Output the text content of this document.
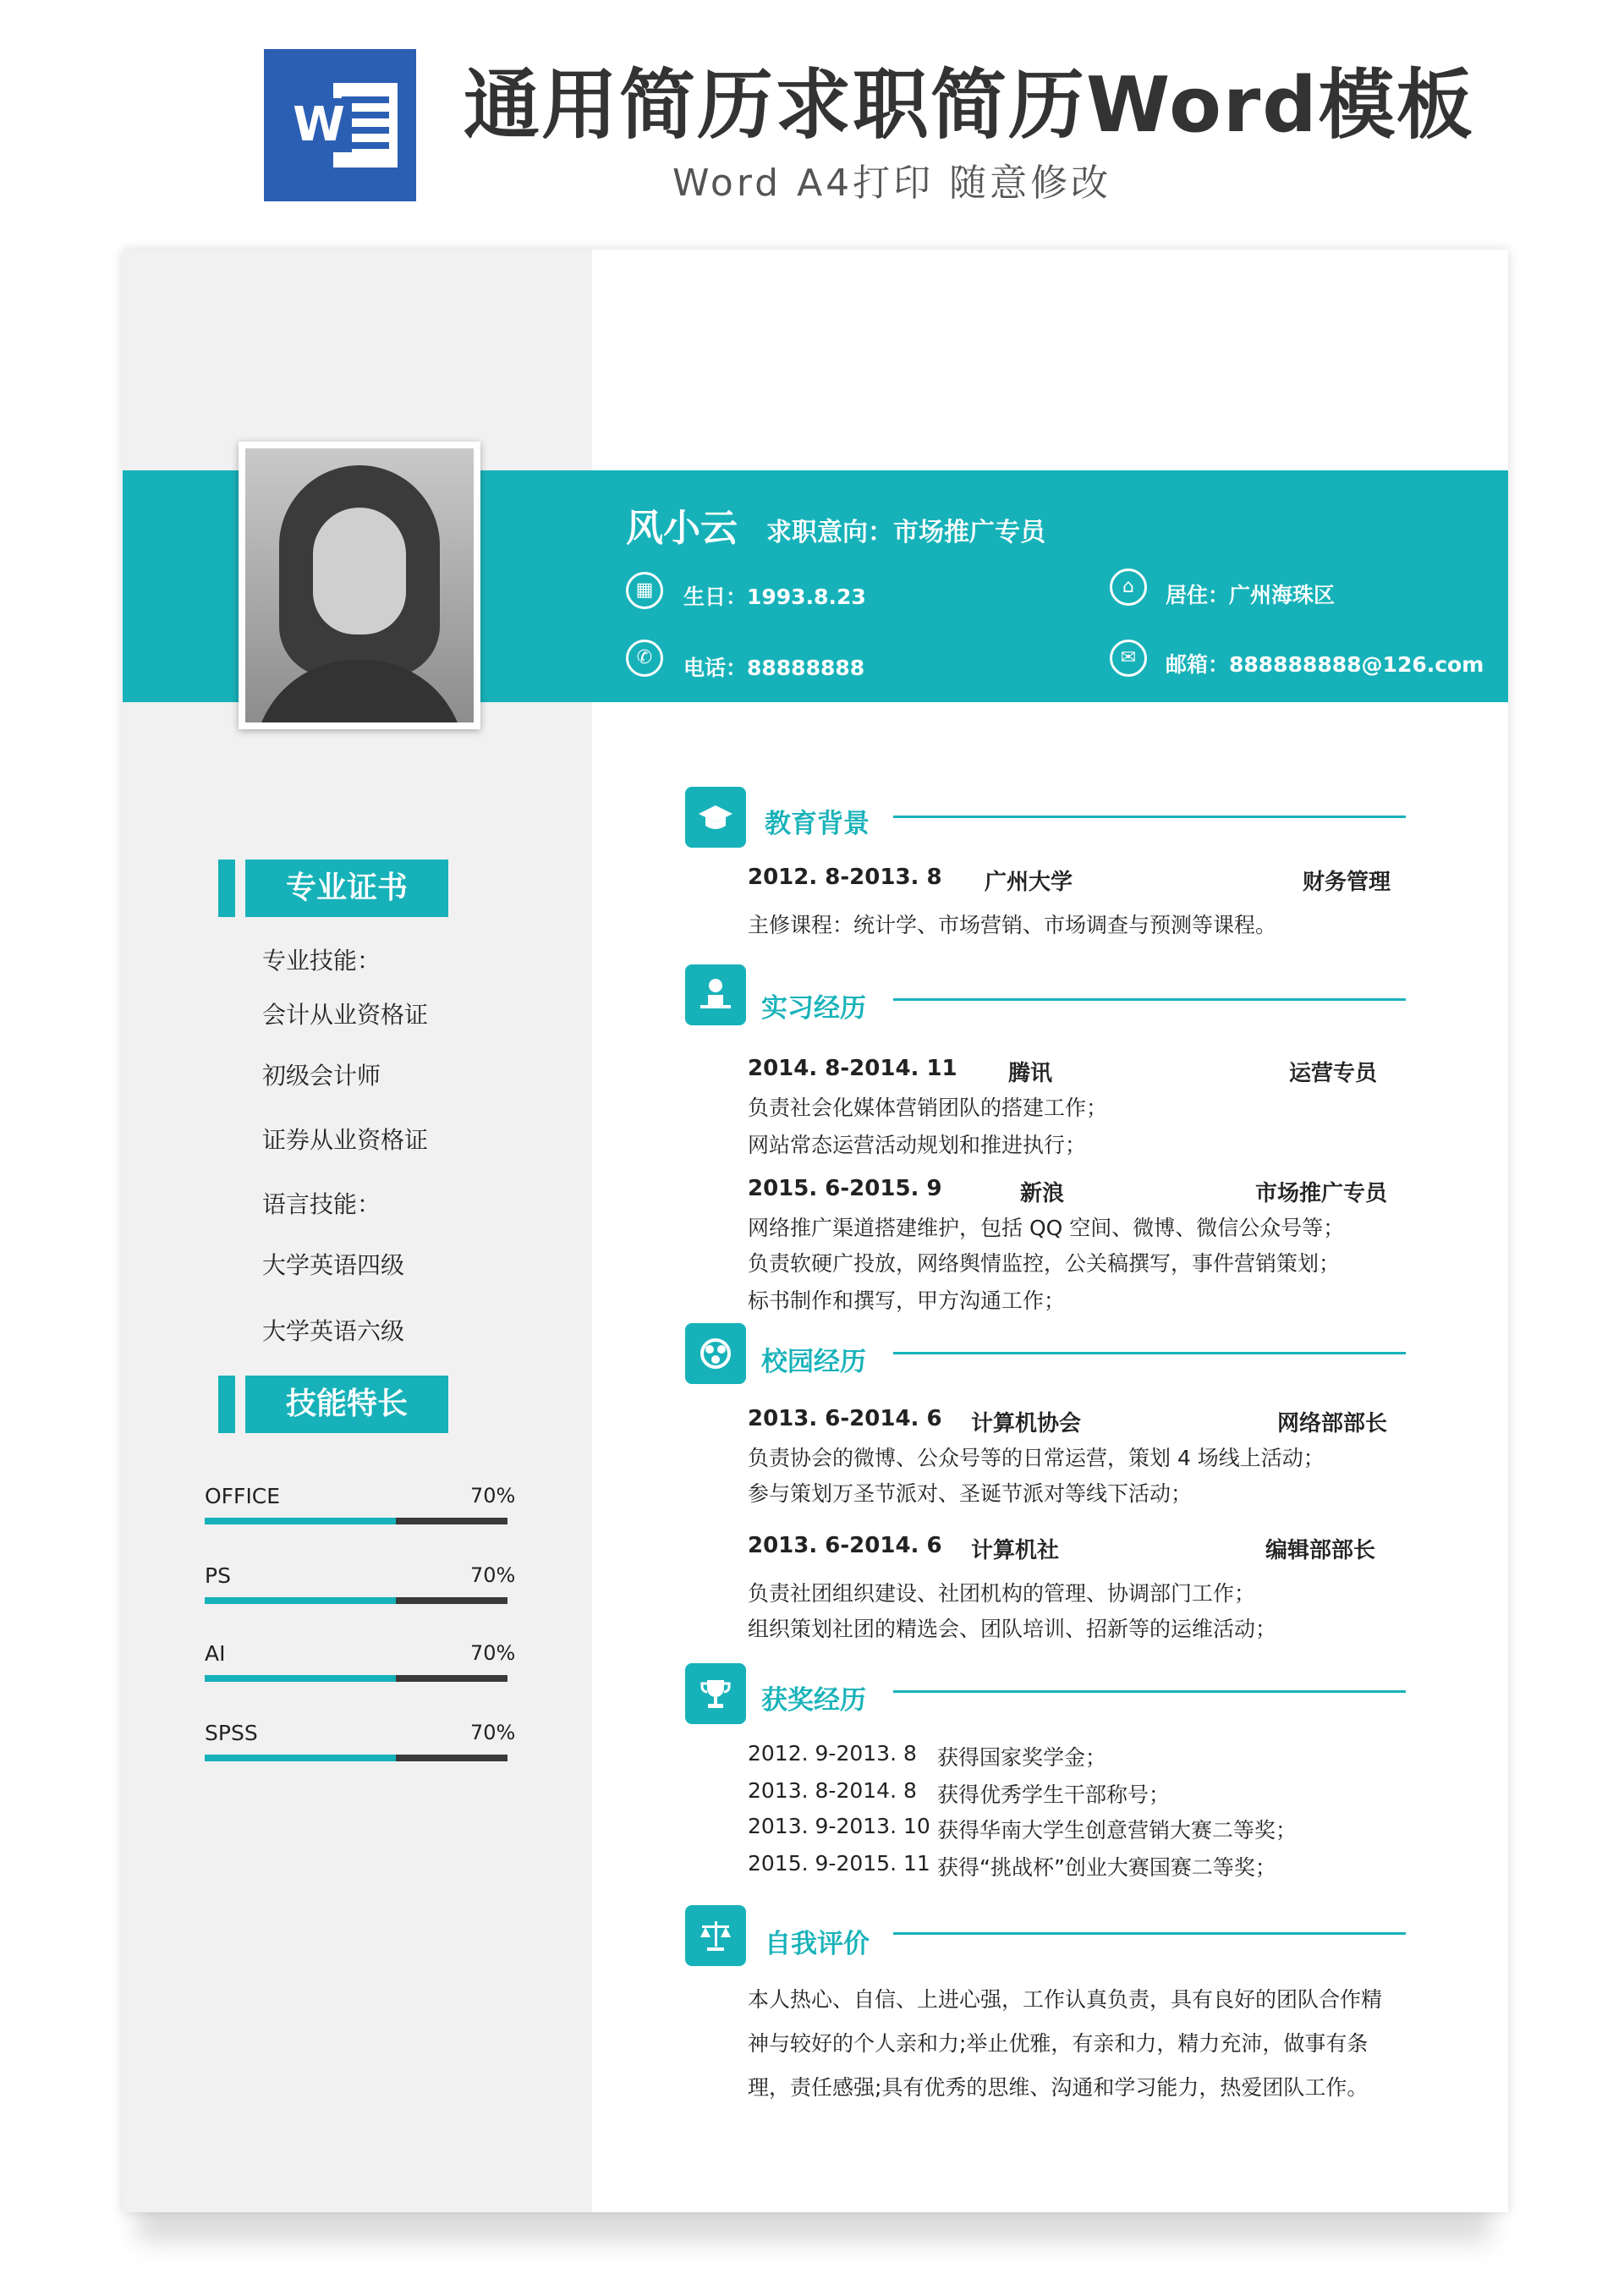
W 通用简历求职简历Word模板
Word A4打印 随意修改
风小云 求职意向：市场推广专员
▦	生日：1993.8.23	⌂	居住：广州海珠区
✆	电话：88888888	✉	邮箱：888888888@126.com
专业证书
专业技能：
会计从业资格证
初级会计师
证券从业资格证
语言技能：
大学英语四级
大学英语六级
技能特长
OFFICE	70%
PS	70%
AI	70%
SPSS	70%
教育背景
2012. 8-2013. 8 广州大学	财务管理
主修课程：统计学、市场营销、市场调查与预测等课程。
实习经历
2014. 8-2014. 11 腾讯	运营专员
负责社会化媒体营销团队的搭建工作；
网站常态运营活动规划和推进执行；
2015. 6-2015. 9	新浪	市场推广专员
网络推广渠道搭建维护，包括 QQ 空间、微博、微信公众号等；
负责软硬广投放，网络舆情监控，公关稿撰写，事件营销策划；
标书制作和撰写，甲方沟通工作；
校园经历
2013. 6-2014. 6 计算机协会	网络部部长
负责协会的微博、公众号等的日常运营，策划 4 场线上活动；
参与策划万圣节派对、圣诞节派对等线下活动；
2013. 6-2014. 6 计算机社	编辑部部长
负责社团组织建设、社团机构的管理、协调部门工作；
组织策划社团的精选会、团队培训、招新等的运维活动；
获奖经历
2012. 9-2013. 8 获得国家奖学金；
2013. 8-2014. 8 获得优秀学生干部称号；
2013. 9-2013. 10 获得华南大学生创意营销大赛二等奖；
2015. 9-2015. 11 获得“挑战杯”创业大赛国赛二等奖；
自我评价
本人热心、自信、上进心强，工作认真负责，具有良好的团队合作精
神与较好的个人亲和力;举止优雅，有亲和力，精力充沛，做事有条
理，责任感强;具有优秀的思维、沟通和学习能力，热爱团队工作。
